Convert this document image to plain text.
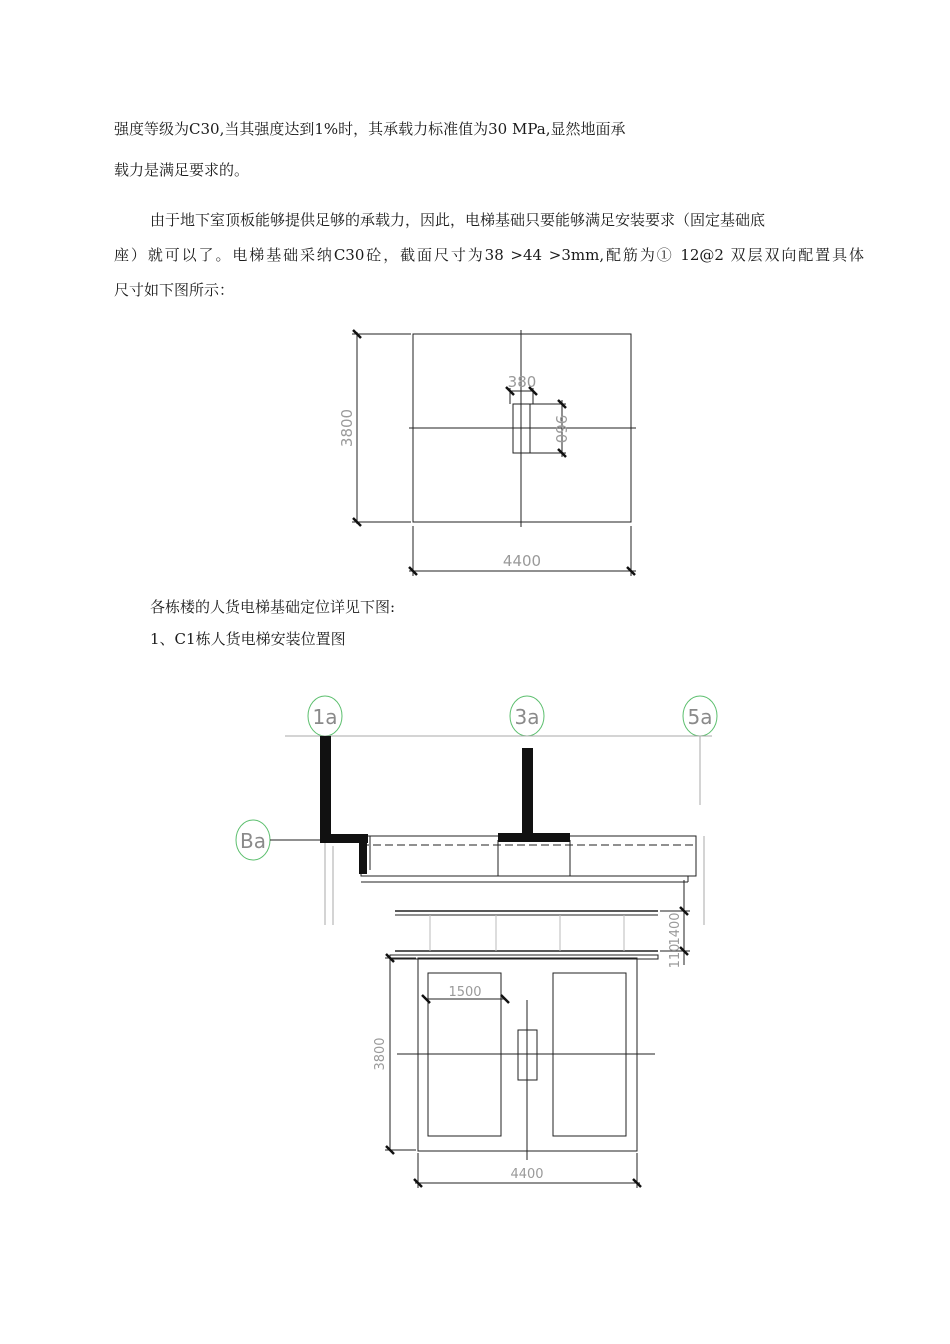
强度等级为C30,当其强度达到1%时，其承载力标准值为30 MPa,显然地面承

载力是满足要求的。

由于地下室顶板能够提供足够的承载力，因此，电梯基础只要能够满足安装要求（固定基础底

座）就可以了。电梯基础采纳C30砼，截面尺寸为38 >44 >3mm,配筋为① 12@2 双层双向配置具体

尺寸如下图所示：

各栋楼的人货电梯基础定位详见下图:

1、C1栋人货电梯安装位置图

3800
4400
380
960
1a	3a	5a
Ba
1500
3800
4400
1400
110
